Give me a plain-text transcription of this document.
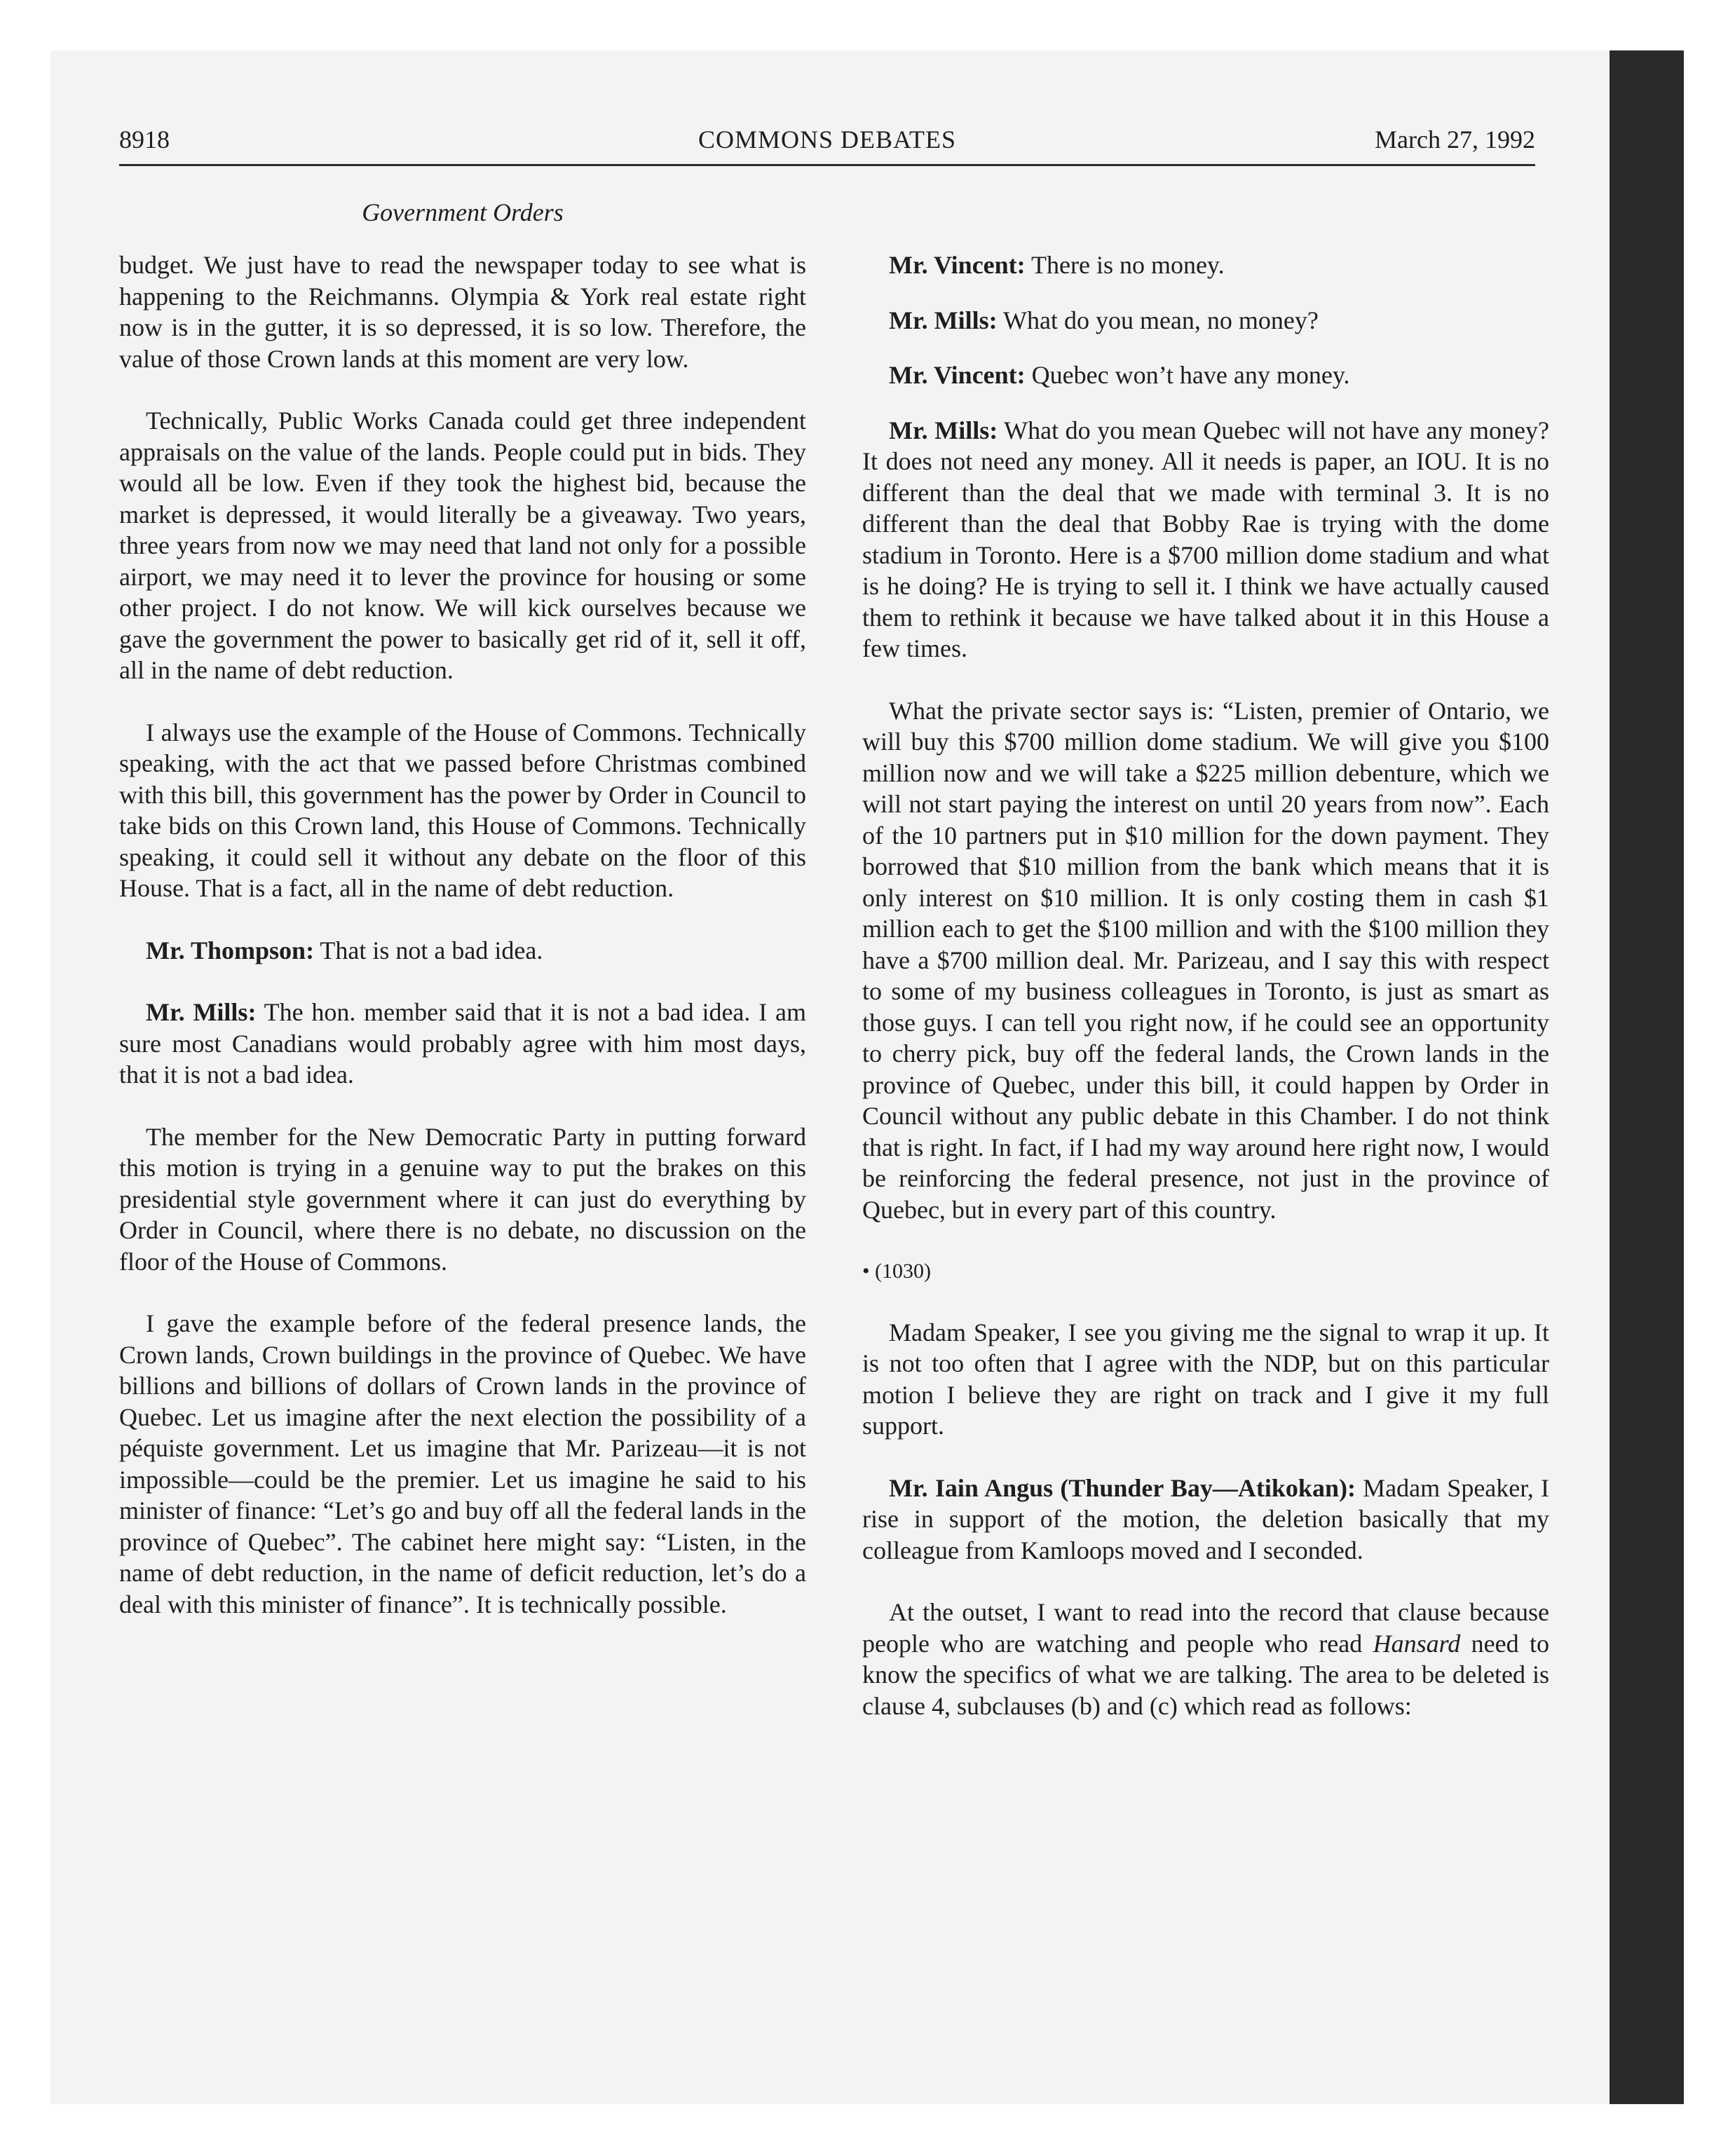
8918	COMMONS DEBATES	March 27, 1992
Government Orders

budget. We just have to read the newspaper today to see what is happening to the Reichmanns. Olympia & York real estate right now is in the gutter, it is so depressed, it is so low. Therefore, the value of those Crown lands at this moment are very low.

Technically, Public Works Canada could get three independent appraisals on the value of the lands. People could put in bids. They would all be low. Even if they took the highest bid, because the market is depressed, it would literally be a giveaway. Two years, three years from now we may need that land not only for a possible airport, we may need it to lever the province for housing or some other project. I do not know. We will kick ourselves because we gave the government the power to basically get rid of it, sell it off, all in the name of debt reduction.

I always use the example of the House of Commons. Technically speaking, with the act that we passed before Christmas combined with this bill, this government has the power by Order in Council to take bids on this Crown land, this House of Commons. Technically speaking, it could sell it without any debate on the floor of this House. That is a fact, all in the name of debt reduction.

Mr. Thompson: That is not a bad idea.

Mr. Mills: The hon. member said that it is not a bad idea. I am sure most Canadians would probably agree with him most days, that it is not a bad idea.

The member for the New Democratic Party in putting forward this motion is trying in a genuine way to put the brakes on this presidential style government where it can just do everything by Order in Council, where there is no debate, no discussion on the floor of the House of Commons.

I gave the example before of the federal presence lands, the Crown lands, Crown buildings in the province of Quebec. We have billions and billions of dollars of Crown lands in the province of Quebec. Let us imagine after the next election the possibility of a péquiste government. Let us imagine that Mr. Parizeau—it is not impossible—could be the premier. Let us imagine he said to his minister of finance: “Let’s go and buy off all the federal lands in the province of Quebec”. The cabinet here might say: “Listen, in the name of debt reduction, in the name of deficit reduction, let’s do a deal with this minister of finance”. It is technically possible.

Mr. Vincent: There is no money.

Mr. Mills: What do you mean, no money?

Mr. Vincent: Quebec won’t have any money.

Mr. Mills: What do you mean Quebec will not have any money? It does not need any money. All it needs is paper, an IOU. It is no different than the deal that we made with terminal 3. It is no different than the deal that Bobby Rae is trying with the dome stadium in Toronto. Here is a $700 million dome stadium and what is he doing? He is trying to sell it. I think we have actually caused them to rethink it because we have talked about it in this House a few times.

What the private sector says is: “Listen, premier of Ontario, we will buy this $700 million dome stadium. We will give you $100 million now and we will take a $225 million debenture, which we will not start paying the interest on until 20 years from now”. Each of the 10 partners put in $10 million for the down payment. They borrowed that $10 million from the bank which means that it is only interest on $10 million. It is only costing them in cash $1 million each to get the $100 million and with the $100 million they have a $700 million deal. Mr. Parizeau, and I say this with respect to some of my business colleagues in Toronto, is just as smart as those guys. I can tell you right now, if he could see an opportunity to cherry pick, buy off the federal lands, the Crown lands in the province of Quebec, under this bill, it could happen by Order in Council without any public debate in this Chamber. I do not think that is right. In fact, if I had my way around here right now, I would be reinforcing the federal presence, not just in the province of Quebec, but in every part of this country.

• (1030)

Madam Speaker, I see you giving me the signal to wrap it up. It is not too often that I agree with the NDP, but on this particular motion I believe they are right on track and I give it my full support.

Mr. Iain Angus (Thunder Bay—Atikokan): Madam Speaker, I rise in support of the motion, the deletion basically that my colleague from Kamloops moved and I seconded.

At the outset, I want to read into the record that clause because people who are watching and people who read Hansard need to know the specifics of what we are talking. The area to be deleted is clause 4, subclauses (b) and (c) which read as follows:
